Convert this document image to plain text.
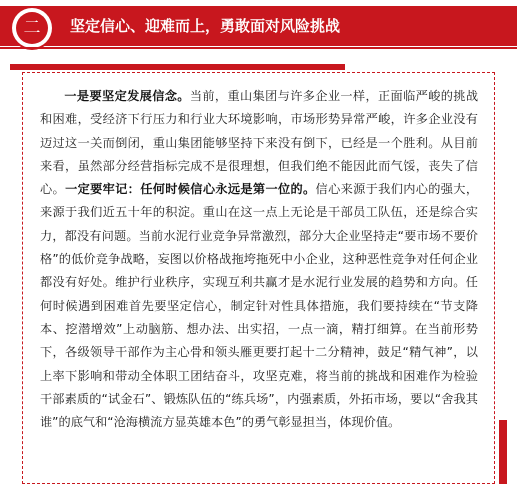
二	坚定信心、迎难而上，勇敢面对风险挑战

一是要坚定发展信念。当前，重山集团与许多企业一样，正面临严峻的挑战和困难，受经济下行压力和行业大环境影响，市场形势异常严峻，许多企业没有迈过这一关而倒闭，重山集团能够坚持下来没有倒下，已经是一个胜利。从目前来看，虽然部分经营指标完成不是很理想，但我们绝不能因此而气馁，丧失了信心。一定要牢记：任何时候信心永远是第一位的。信心来源于我们内心的强大，来源于我们近五十年的积淀。重山在这一点上无论是干部员工队伍，还是综合实力，都没有问题。当前水泥行业竞争异常激烈，部分大企业坚持走“要市场不要价格”的低价竞争战略，妄图以价格战拖垮拖死中小企业，这种恶性竞争对任何企业都没有好处。维护行业秩序，实现互利共赢才是水泥行业发展的趋势和方向。任何时候遇到困难首先要坚定信心，制定针对性具体措施，我们要持续在“节支降本、挖潜增效”上动脑筋、想办法、出实招，一点一滴，精打细算。在当前形势下，各级领导干部作为主心骨和领头雁更要打起十二分精神，鼓足“精气神”，以上率下影响和带动全体职工团结奋斗，攻坚克难，将当前的挑战和困难作为检验干部素质的“试金石”、锻炼队伍的“练兵场”，内强素质，外拓市场，要以“舍我其谁”的底气和“沧海横流方显英雄本色”的勇气彰显担当，体现价值。
